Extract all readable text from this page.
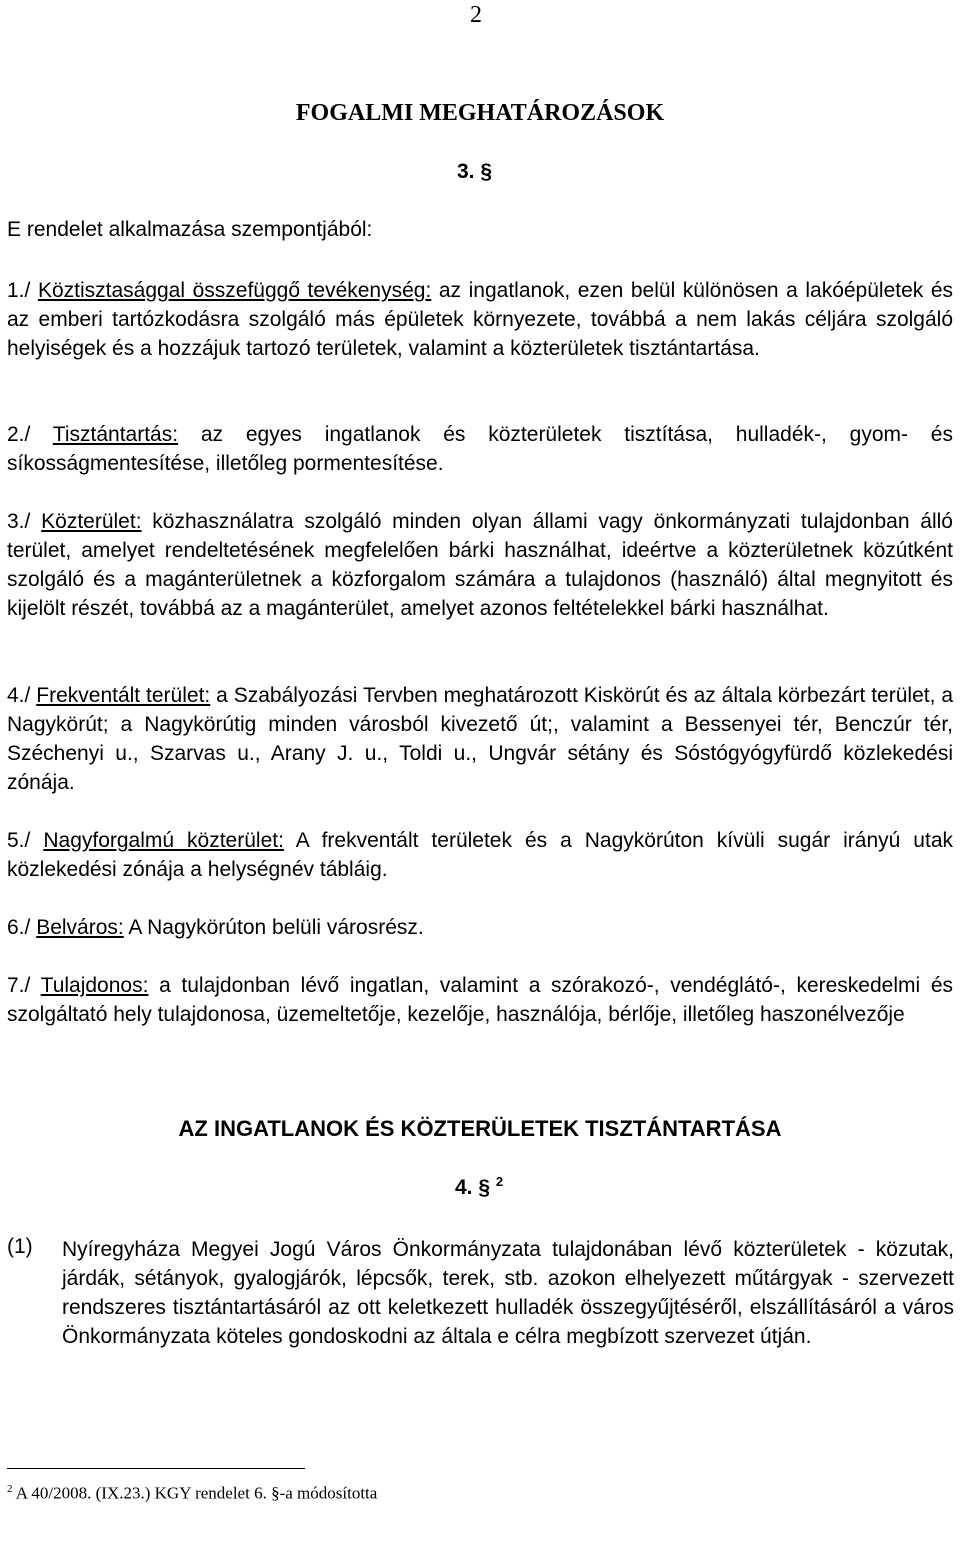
2
FOGALMI MEGHATÁROZÁSOK
3. §
E rendelet alkalmazása szempontjából:
1./ Köztisztasággal összefüggő tevékenység: az ingatlanok, ezen belül különösen a lakóépületek és az emberi tartózkodásra szolgáló más épületek környezete, továbbá a nem lakás céljára szolgáló helyiségek és a hozzájuk tartozó területek, valamint a közterületek tisztántartása.
2./ Tisztántartás: az egyes ingatlanok és közterületek tisztítása, hulladék-, gyom- és síkosságmentesítése, illetőleg pormentesítése.
3./ Közterület: közhasználatra szolgáló minden olyan állami vagy önkormányzati tulajdonban álló terület, amelyet rendeltetésének megfelelően bárki használhat, ideértve a közterületnek közútként szolgáló és a magánterületnek a közforgalom számára a tulajdonos (használó) által megnyitott és kijelölt részét, továbbá az a magánterület, amelyet azonos feltételekkel bárki használhat.
4./ Frekventált terület: a Szabályozási Tervben meghatározott Kiskörút és az általa körbezárt terület, a Nagykörút; a Nagykörútig minden városból kivezető út;, valamint a Bessenyei tér, Benczúr tér, Széchenyi u., Szarvas u., Arany J. u., Toldi u., Ungvár sétány és Sóstógyógyfürdő közlekedési zónája.
5./ Nagyforgalmú közterület: A frekventált területek és a Nagykörúton kívüli sugár irányú utak közlekedési zónája a helységnév tábláig.
6./ Belváros: A Nagykörúton belüli városrész.
7./ Tulajdonos: a tulajdonban lévő ingatlan, valamint a szórakozó-, vendéglátó-, kereskedelmi és szolgáltató hely tulajdonosa, üzemeltetője, kezelője, használója, bérlője, illetőleg haszonélvezője
AZ INGATLANOK ÉS KÖZTERÜLETEK TISZTÁNTARTÁSA
4. § $^2$
(1) Nyíregyháza Megyei Jogú Város Önkormányzata tulajdonában lévő közterületek - közutak, járdák, sétányok, gyalogjárók, lépcsők, terek, stb. azokon elhelyezett műtárgyak - szervezett rendszeres tisztántartásáról az ott keletkezett hulladék összegyűjtéséről, elszállításáról a város Önkormányzata köteles gondoskodni az általa e célra megbízott szervezet útján.
$^2$ A 40/2008. (IX.23.) KGY rendelet 6. §-a módosította
